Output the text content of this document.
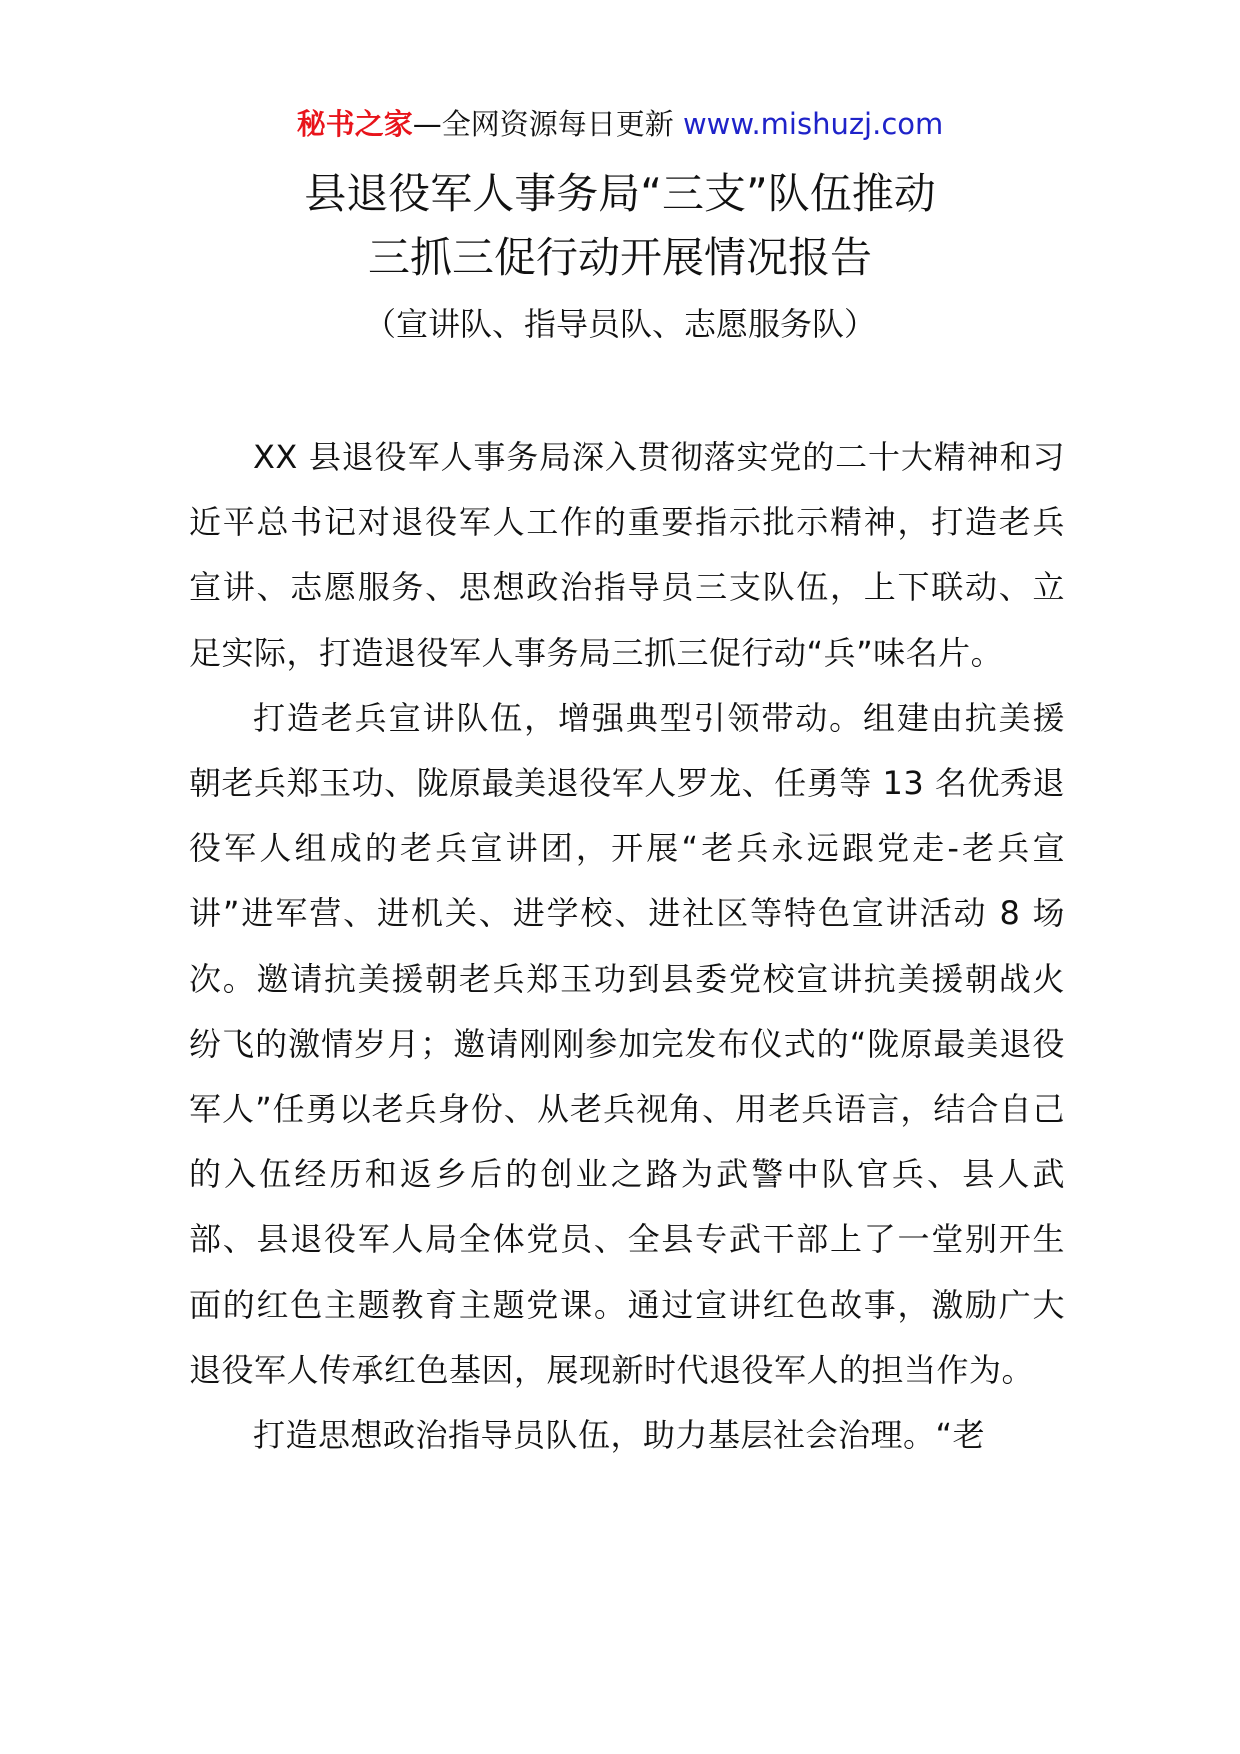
秘书之家—全网资源每日更新 www.mishuzj.com
县退役军人事务局“三支”队伍推动
三抓三促行动开展情况报告
（宣讲队、指导员队、志愿服务队）

XX 县退役军人事务局深入贯彻落实党的二十大精神和习近平总书记对退役军人工作的重要指示批示精神，打造老兵宣讲、志愿服务、思想政治指导员三支队伍，上下联动、立足实际，打造退役军人事务局三抓三促行动“兵”味名片。

打造老兵宣讲队伍，增强典型引领带动。组建由抗美援朝老兵郑玉功、陇原最美退役军人罗龙、任勇等 13 名优秀退役军人组成的老兵宣讲团，开展“老兵永远跟党走-老兵宣讲”进军营、进机关、进学校、进社区等特色宣讲活动 8 场次。邀请抗美援朝老兵郑玉功到县委党校宣讲抗美援朝战火纷飞的激情岁月；邀请刚刚参加完发布仪式的“陇原最美退役军人”任勇以老兵身份、从老兵视角、用老兵语言，结合自己的入伍经历和返乡后的创业之路为武警中队官兵、县人武部、县退役军人局全体党员、全县专武干部上了一堂别开生面的红色主题教育主题党课。通过宣讲红色故事，激励广大退役军人传承红色基因，展现新时代退役军人的担当作为。

打造思想政治指导员队伍，助力基层社会治理。“老
